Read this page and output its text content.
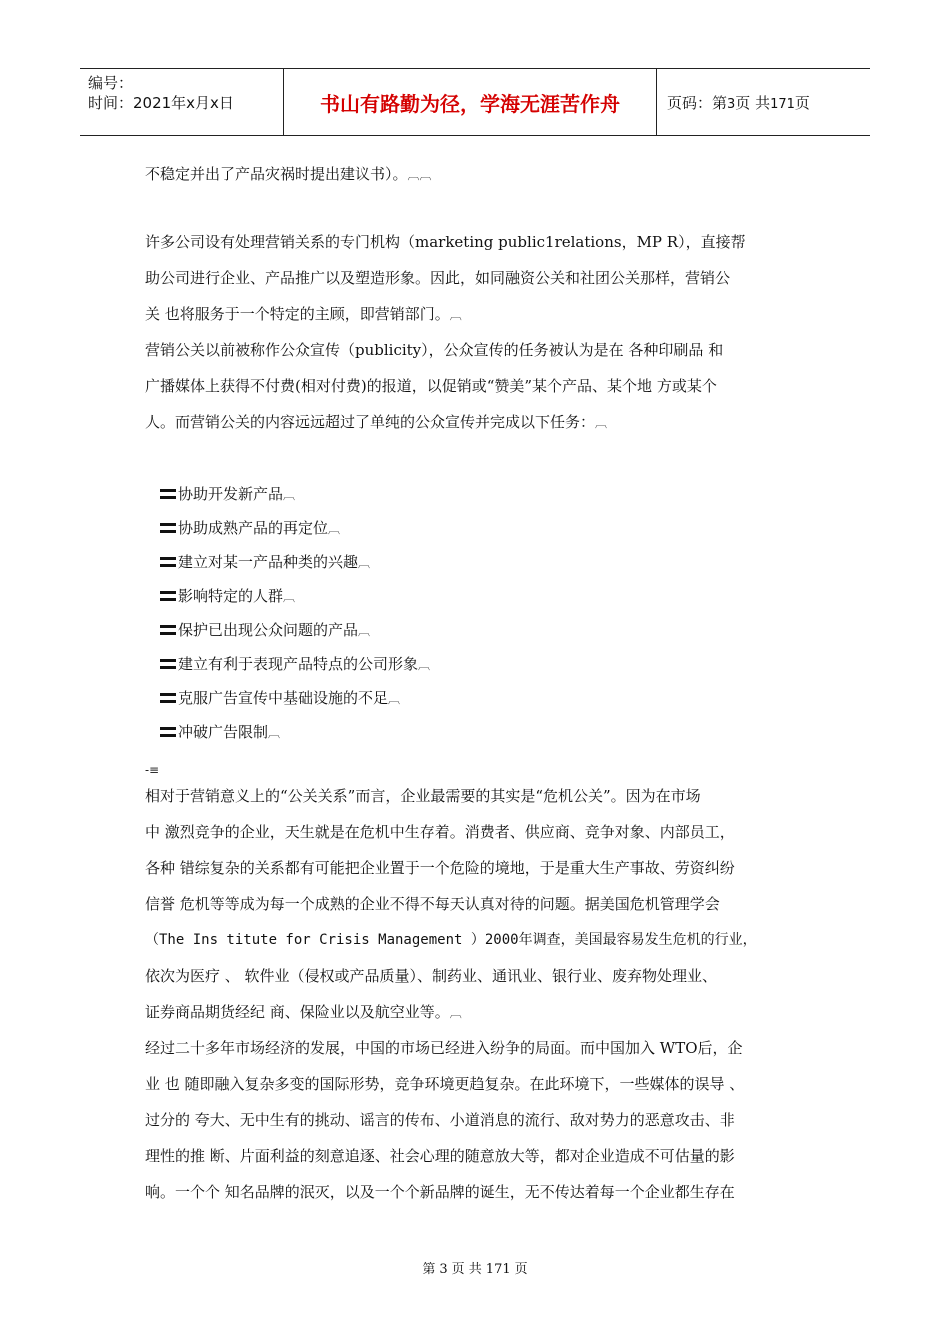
编号：
时间：2021年x月x日	书山有路勤为径，学海无涯苦作舟	页码：第3页 共171页
不稳定并出了产品灾祸时提出建议书）。︹︹
许多公司设有处理营销关系的专门机构（marketing public1relations，MP R），直接帮
助公司进行企业、产品推广以及塑造形象。因此，如同融资公关和社团公关那样，营销公
关 也将服务于一个特定的主顾，即营销部门。︹
营销公关以前被称作公众宣传（publicity），公众宣传的任务被认为是在 各种印刷品 和
广播媒体上获得不付费(相对付费)的报道，以促销或“赞美”某个产品、某个地 方或某个
人。而营销公关的内容远远超过了单纯的公众宣传并完成以下任务：︹
-≡
相对于营销意义上的“公关关系”而言，企业最需要的其实是“危机公关”。因为在市场
中 激烈竞争的企业，天生就是在危机中生存着。消费者、供应商、竞争对象、内部员工，
各种 错综复杂的关系都有可能把企业置于一个危险的境地，于是重大生产事故、劳资纠纷
信誉 危机等等成为每一个成熟的企业不得不每天认真对待的问题。据美国危机管理学会
（The Ins titute for Crisis Management ）2000年调查，美国最容易发生危机的行业，
依次为医疗 、 软件业（侵权或产品质量）、制药业、通讯业、银行业、废弃物处理业、
证券商品期货经纪 商、保险业以及航空业等。︹
经过二十多年市场经济的发展，中国的市场已经进入纷争的局面。而中国加入 WTO后，企
业 也 随即融入复杂多变的国际形势，竞争环境更趋复杂。在此环境下，一些媒体的误导 、
过分的 夸大、无中生有的挑动、谣言的传布、小道消息的流行、敌对势力的恶意攻击、非
理性的推 断、片面利益的刻意追逐、社会心理的随意放大等，都对企业造成不可估量的影
响。一个个 知名品牌的泯灭，以及一个个新品牌的诞生，无不传达着每一个企业都生存在
协助开发新产品︹
协助成熟产品的再定位︹
建立对某一产品种类的兴趣︹
影响特定的人群︹
保护已出现公众问题的产品︹
建立有利于表现产品特点的公司形象︹
克服广告宣传中基础设施的不足︹
冲破广告限制︹
第 3 页 共 171 页
